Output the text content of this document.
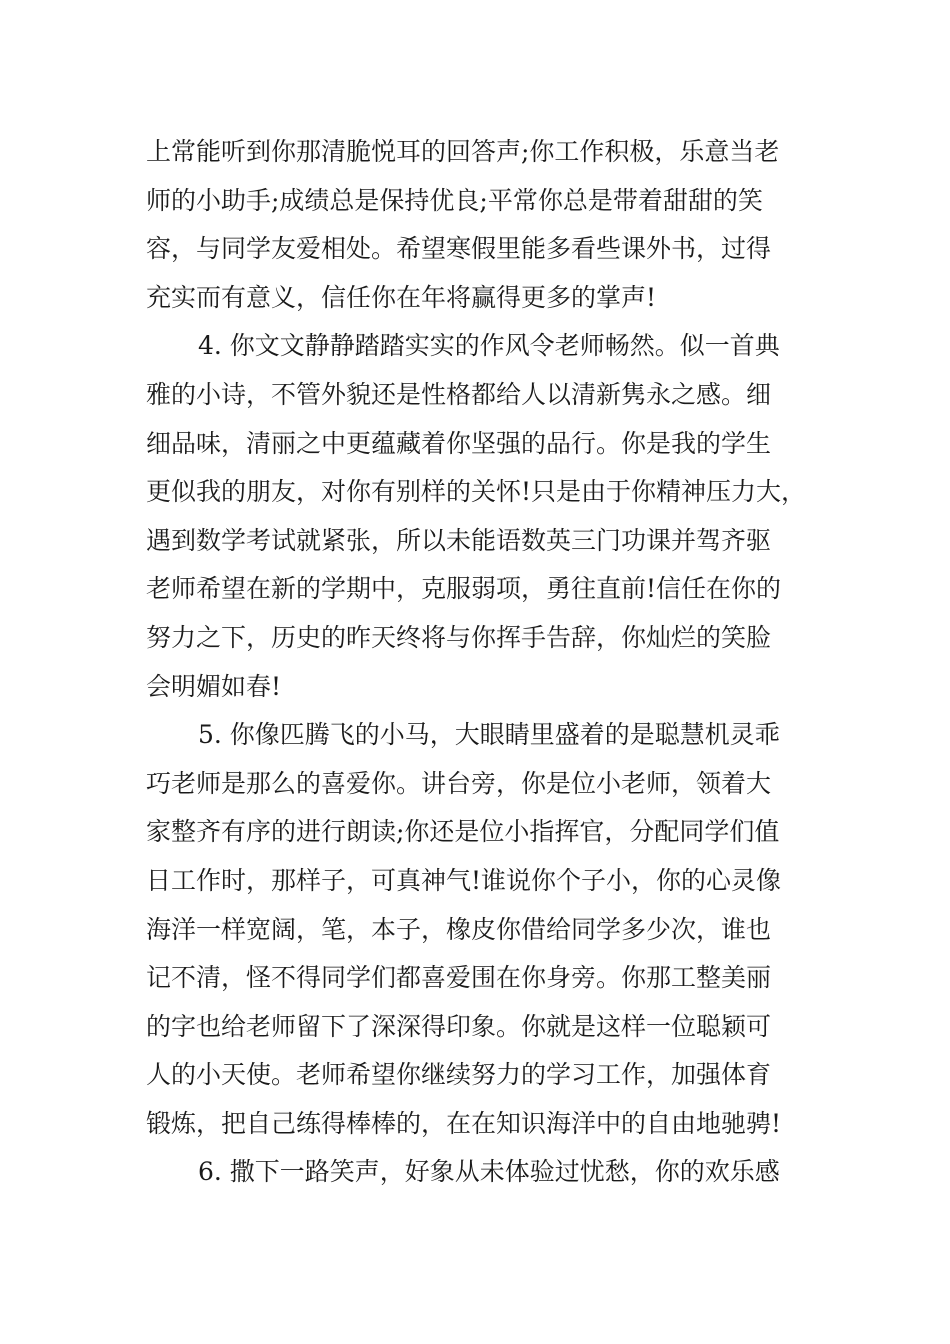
上常能听到你那清脆悦耳的回答声;你工作积极，乐意当老
师的小助手;成绩总是保持优良;平常你总是带着甜甜的笑
容，与同学友爱相处。希望寒假里能多看些课外书，过得
充实而有意义，信任你在年将赢得更多的掌声!
4. 你文文静静踏踏实实的作风令老师畅然。似一首典
雅的小诗，不管外貌还是性格都给人以清新隽永之感。细
细品味，清丽之中更蕴藏着你坚强的品行。你是我的学生
更似我的朋友，对你有别样的关怀!只是由于你精神压力大，
遇到数学考试就紧张，所以未能语数英三门功课并驾齐驱
老师希望在新的学期中，克服弱项，勇往直前!信任在你的
努力之下，历史的昨天终将与你挥手告辞，你灿烂的笑脸
会明媚如春!
5. 你像匹腾飞的小马，大眼睛里盛着的是聪慧机灵乖
巧老师是那么的喜爱你。讲台旁，你是位小老师，领着大
家整齐有序的进行朗读;你还是位小指挥官，分配同学们值
日工作时，那样子，可真神气!谁说你个子小，你的心灵像
海洋一样宽阔，笔，本子，橡皮你借给同学多少次，谁也
记不清，怪不得同学们都喜爱围在你身旁。你那工整美丽
的字也给老师留下了深深得印象。你就是这样一位聪颖可
人的小天使。老师希望你继续努力的学习工作，加强体育
锻炼，把自己练得棒棒的，在在知识海洋中的自由地驰骋!
6. 撒下一路笑声，好象从未体验过忧愁，你的欢乐感
